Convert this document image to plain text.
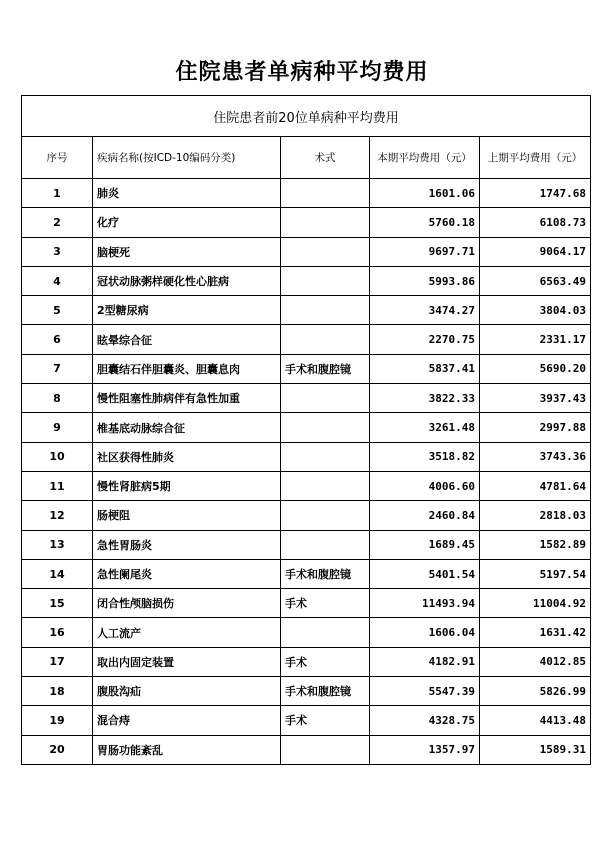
住院患者单病种平均费用
住院患者前20位单病种平均费用				
序号	疾病名称(按ICD-10编码分类)	术式	本期平均费用（元）	上期平均费用（元）
1	肺炎		1601.06	1747.68
2	化疗		5760.18	6108.73
3	脑梗死		9697.71	9064.17
4	冠状动脉粥样硬化性心脏病		5993.86	6563.49
5	2型糖尿病		3474.27	3804.03
6	眩晕综合征		2270.75	2331.17
7	胆囊结石伴胆囊炎、胆囊息肉	手术和腹腔镜	5837.41	5690.20
8	慢性阻塞性肺病伴有急性加重		3822.33	3937.43
9	椎基底动脉综合征		3261.48	2997.88
10	社区获得性肺炎		3518.82	3743.36
11	慢性肾脏病5期		4006.60	4781.64
12	肠梗阻		2460.84	2818.03
13	急性胃肠炎		1689.45	1582.89
14	急性阑尾炎	手术和腹腔镜	5401.54	5197.54
15	闭合性颅脑损伤	手术	11493.94	11004.92
16	人工流产		1606.04	1631.42
17	取出内固定装置	手术	4182.91	4012.85
18	腹股沟疝	手术和腹腔镜	5547.39	5826.99
19	混合痔	手术	4328.75	4413.48
20	胃肠功能紊乱		1357.97	1589.31
